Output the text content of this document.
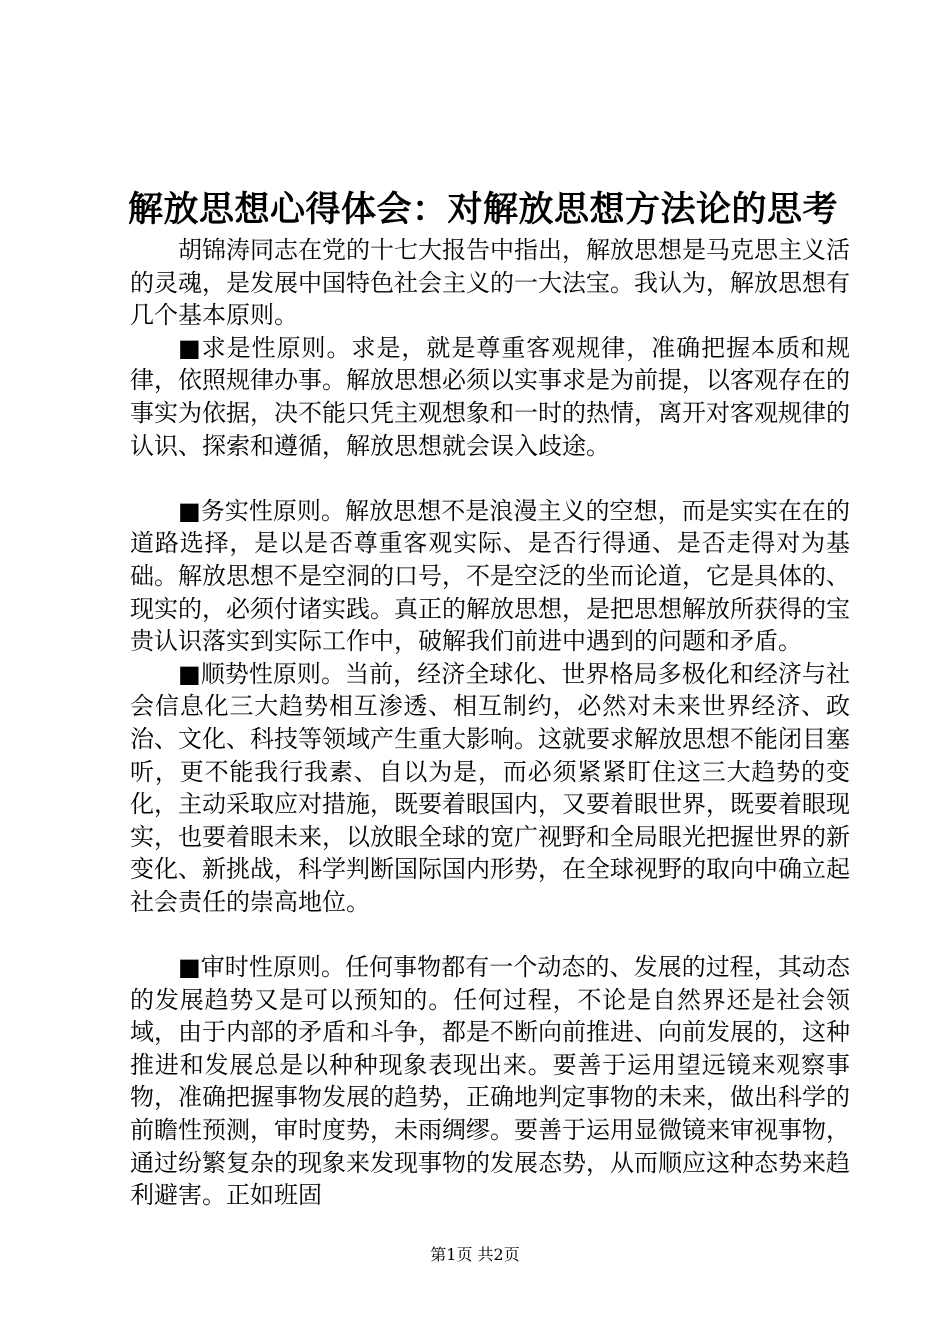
解放思想心得体会：对解放思想方法论的思考

胡锦涛同志在党的十七大报告中指出，解放思想是马克思主义活的灵魂，是发展中国特色社会主义的一大法宝。我认为，解放思想有几个基本原则。

■求是性原则。求是，就是尊重客观规律，准确把握本质和规律，依照规律办事。解放思想必须以实事求是为前提，以客观存在的事实为依据，决不能只凭主观想象和一时的热情，离开对客观规律的认识、探索和遵循，解放思想就会误入歧途。

■务实性原则。解放思想不是浪漫主义的空想，而是实实在在的道路选择，是以是否尊重客观实际、是否行得通、是否走得对为基础。解放思想不是空洞的口号，不是空泛的坐而论道，它是具体的、现实的，必须付诸实践。真正的解放思想，是把思想解放所获得的宝贵认识落实到实际工作中，破解我们前进中遇到的问题和矛盾。

■顺势性原则。当前，经济全球化、世界格局多极化和经济与社会信息化三大趋势相互渗透、相互制约，必然对未来世界经济、政治、文化、科技等领域产生重大影响。这就要求解放思想不能闭目塞听，更不能我行我素、自以为是，而必须紧紧盯住这三大趋势的变化，主动采取应对措施，既要着眼国内，又要着眼世界，既要着眼现实，也要着眼未来，以放眼全球的宽广视野和全局眼光把握世界的新变化、新挑战，科学判断国际国内形势，在全球视野的取向中确立起社会责任的崇高地位。

■审时性原则。任何事物都有一个动态的、发展的过程，其动态的发展趋势又是可以预知的。任何过程，不论是自然界还是社会领域，由于内部的矛盾和斗争，都是不断向前推进、向前发展的，这种推进和发展总是以种种现象表现出来。要善于运用望远镜来观察事物，准确把握事物发展的趋势，正确地判定事物的未来，做出科学的前瞻性预测，审时度势，未雨绸缪。要善于运用显微镜来审视事物，通过纷繁复杂的现象来发现事物的发展态势，从而顺应这种态势来趋利避害。正如班固

第1页 共2页
